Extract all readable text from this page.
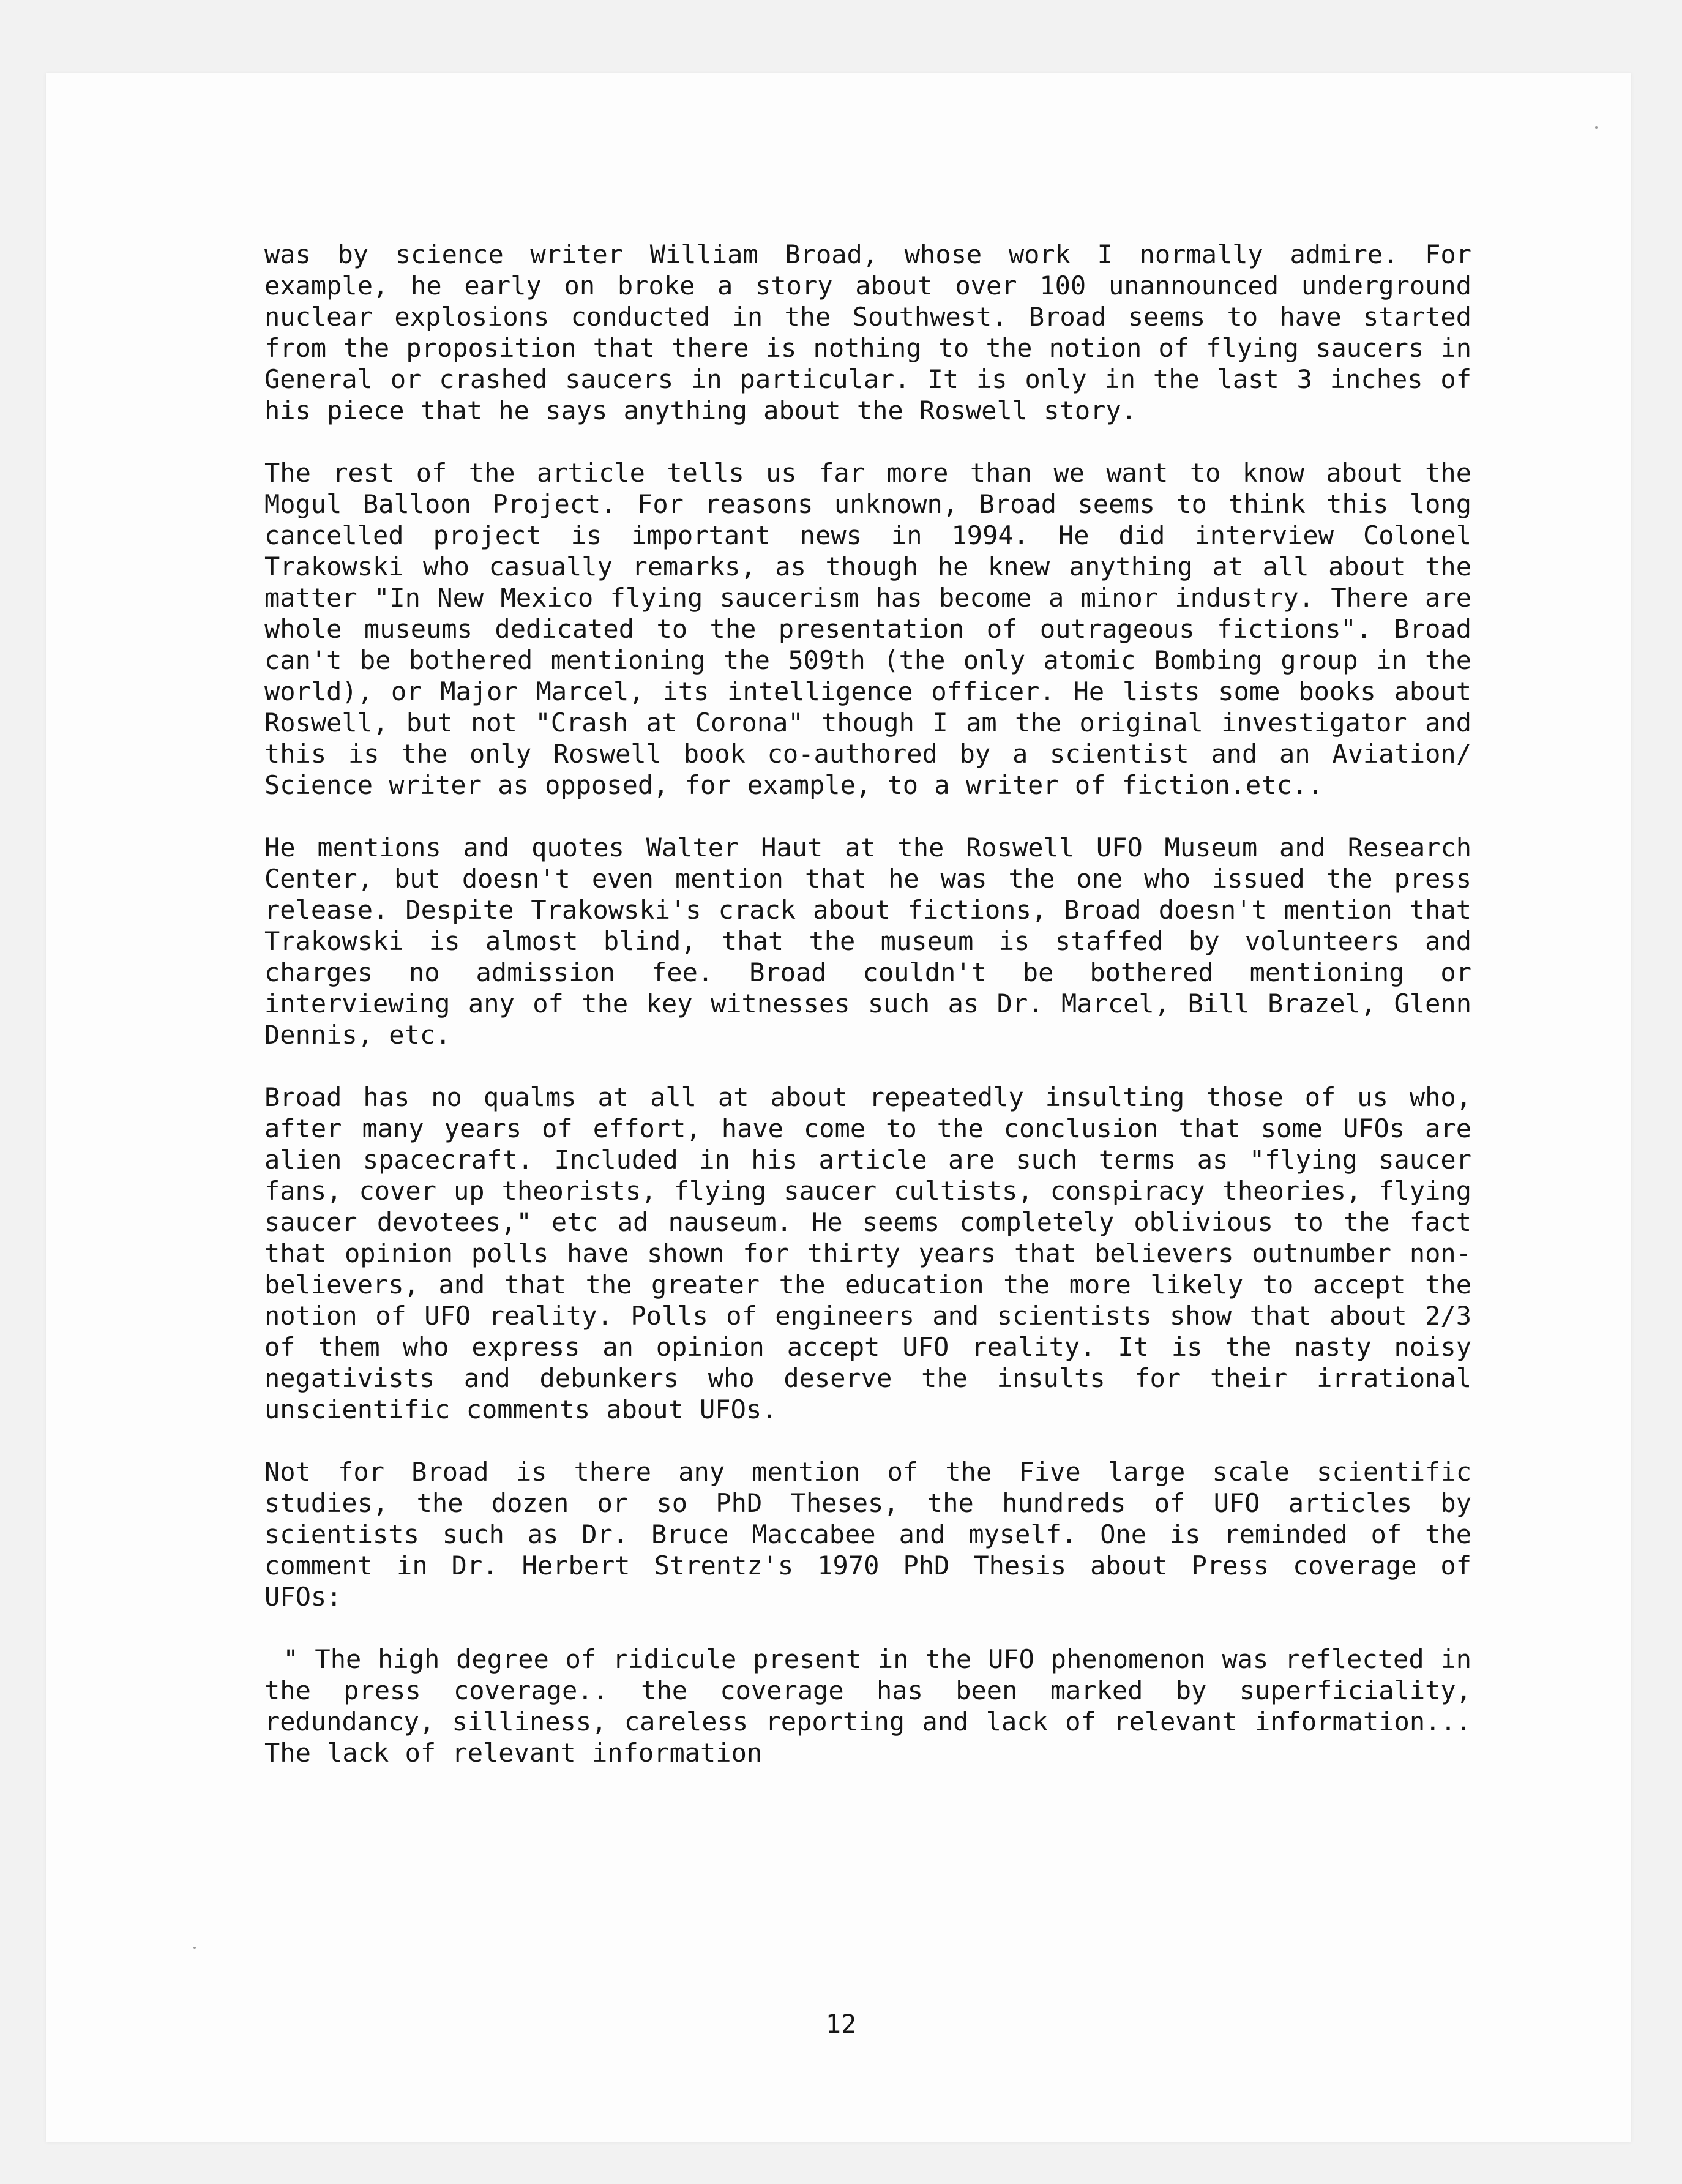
was by science writer William Broad, whose work I normally admire. For example, he early on broke a story about over 100 unannounced underground nuclear explosions conducted in the Southwest. Broad seems to have started from the proposition that there is nothing to the notion of flying saucers in General or crashed saucers in particular. It is only in the last 3 inches of his piece that he says anything about the Roswell story.

The rest of the article tells us far more than we want to know about the Mogul Balloon Project. For reasons unknown, Broad seems to think this long cancelled project is important news in 1994. He did interview Colonel Trakowski who casually remarks, as though he knew anything at all about the matter "In New Mexico flying saucerism has become a minor industry. There are whole museums dedicated to the presentation of outrageous fictions". Broad can't be bothered mentioning the 509th (the only atomic Bombing group in the world), or Major Marcel, its intelligence officer. He lists some books about Roswell, but not "Crash at Corona" though I am the original investigator and this is the only Roswell book co-authored by a scientist and an Aviation/ Science writer as opposed, for example, to a writer of fiction.etc..

He mentions and quotes Walter Haut at the Roswell UFO Museum and Research Center, but doesn't even mention that he was the one who issued the press release. Despite Trakowski's crack about fictions, Broad doesn't mention that Trakowski is almost blind, that the museum is staffed by volunteers and charges no admission fee. Broad couldn't be bothered mentioning or interviewing any of the key witnesses such as Dr. Marcel, Bill Brazel, Glenn Dennis, etc.

Broad has no qualms at all at about repeatedly insulting those of us who, after many years of effort, have come to the conclusion that some UFOs are alien spacecraft. Included in his article are such terms as "flying saucer fans, cover up theorists, flying saucer cultists, conspiracy theories, flying saucer devotees," etc ad nauseum. He seems completely oblivious to the fact that opinion polls have shown for thirty years that believers outnumber non-believers, and that the greater the education the more likely to accept the notion of UFO reality. Polls of engineers and scientists show that about 2/3 of them who express an opinion accept UFO reality. It is the nasty noisy negativists and debunkers who deserve the insults for their irrational unscientific comments about UFOs.

Not for Broad is there any mention of the Five large scale scientific studies, the dozen or so PhD Theses, the hundreds of UFO articles by scientists such as Dr. Bruce Maccabee and myself. One is reminded of the comment in Dr. Herbert Strentz's 1970 PhD Thesis about Press coverage of UFOs:

" The high degree of ridicule present in the UFO phenomenon was reflected in the press coverage.. the coverage has been marked by superficiality, redundancy, silliness, careless reporting and lack of relevant information... The lack of relevant information

12
